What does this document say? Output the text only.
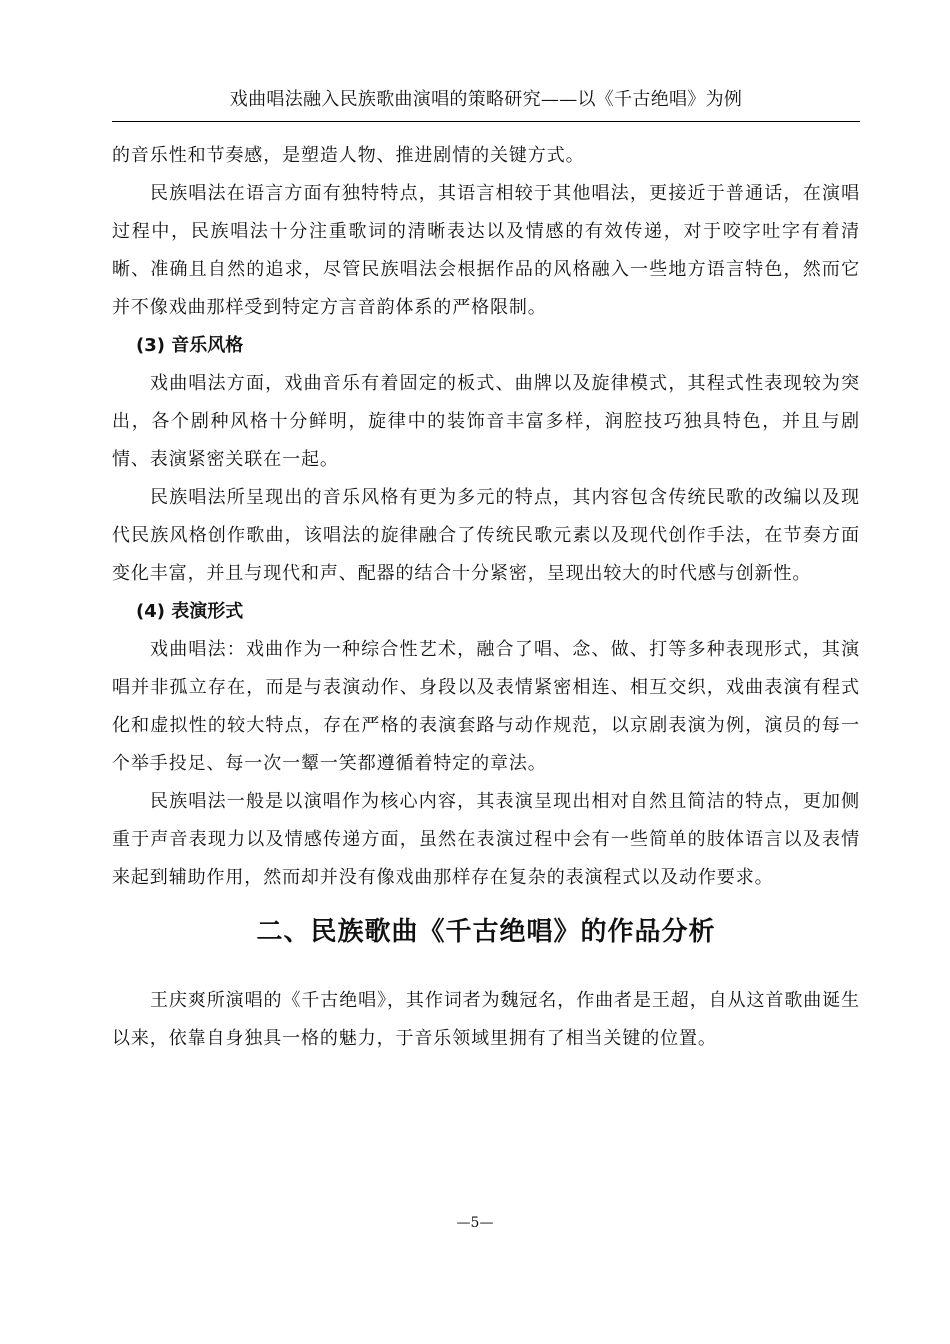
戏曲唱法融入民族歌曲演唱的策略研究——以《千古绝唱》为例

的音乐性和节奏感，是塑造人物、推进剧情的关键方式。

民族唱法在语言方面有独特特点，其语言相较于其他唱法，更接近于普通话，在演唱过程中，民族唱法十分注重歌词的清晰表达以及情感的有效传递，对于咬字吐字有着清晰、准确且自然的追求，尽管民族唱法会根据作品的风格融入一些地方语言特色，然而它并不像戏曲那样受到特定方言音韵体系的严格限制。

(3) 音乐风格

戏曲唱法方面，戏曲音乐有着固定的板式、曲牌以及旋律模式，其程式性表现较为突出，各个剧种风格十分鲜明，旋律中的装饰音丰富多样，润腔技巧独具特色，并且与剧情、表演紧密关联在一起。

民族唱法所呈现出的音乐风格有更为多元的特点，其内容包含传统民歌的改编以及现代民族风格创作歌曲，该唱法的旋律融合了传统民歌元素以及现代创作手法，在节奏方面变化丰富，并且与现代和声、配器的结合十分紧密，呈现出较大的时代感与创新性。

(4) 表演形式

戏曲唱法：戏曲作为一种综合性艺术，融合了唱、念、做、打等多种表现形式，其演唱并非孤立存在，而是与表演动作、身段以及表情紧密相连、相互交织，戏曲表演有程式化和虚拟性的较大特点，存在严格的表演套路与动作规范，以京剧表演为例，演员的每一个举手投足、每一次一颦一笑都遵循着特定的章法。

民族唱法一般是以演唱作为核心内容，其表演呈现出相对自然且简洁的特点，更加侧重于声音表现力以及情感传递方面，虽然在表演过程中会有一些简单的肢体语言以及表情来起到辅助作用，然而却并没有像戏曲那样存在复杂的表演程式以及动作要求。

二、民族歌曲《千古绝唱》的作品分析

王庆爽所演唱的《千古绝唱》，其作词者为魏冠名，作曲者是王超，自从这首歌曲诞生以来，依靠自身独具一格的魅力，于音乐领域里拥有了相当关键的位置。

—5—
